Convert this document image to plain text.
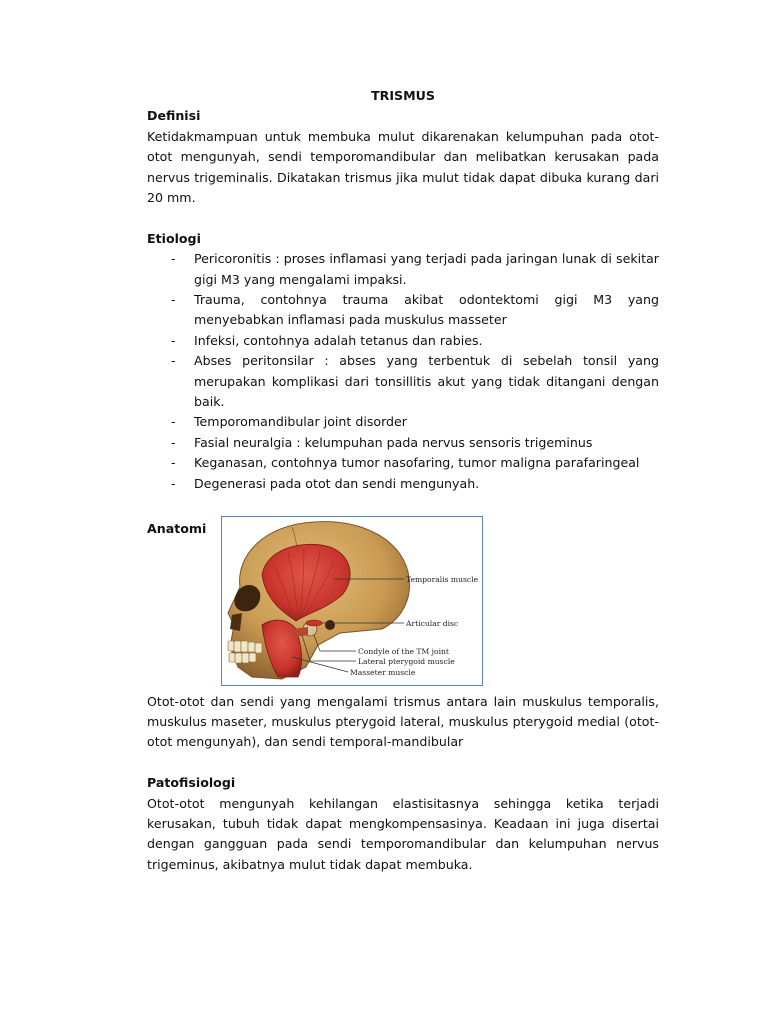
TRISMUS

Definisi

Ketidakmampuan untuk membuka mulut dikarenakan kelumpuhan pada otot-otot mengunyah, sendi temporomandibular dan melibatkan kerusakan pada nervus trigeminalis. Dikatakan trismus jika mulut tidak dapat dibuka kurang dari 20 mm.

Etiologi

- Pericoronitis : proses inflamasi yang terjadi pada jaringan lunak di sekitar gigi M3 yang mengalami impaksi.
- Trauma, contohnya trauma akibat odontektomi gigi M3 yang menyebabkan inflamasi pada muskulus masseter
- Infeksi, contohnya adalah tetanus dan rabies.
- Abses peritonsilar : abses yang terbentuk di sebelah tonsil yang merupakan komplikasi dari tonsillitis akut yang tidak ditangani dengan baik.
- Temporomandibular joint disorder
- Fasial neuralgia : kelumpuhan pada nervus sensoris trigeminus
- Keganasan, contohnya tumor nasofaring, tumor maligna parafaringeal
- Degenerasi pada otot dan sendi mengunyah.

Anatomi

Temporalis muscle
Articular disc
Condyle of the TM joint
Lateral pterygoid muscle
Masseter muscle

Otot-otot dan sendi yang mengalami trismus antara lain muskulus temporalis, muskulus maseter, muskulus pterygoid lateral, muskulus pterygoid medial (otot-otot mengunyah), dan sendi temporal-mandibular

Patofisiologi

Otot-otot mengunyah kehilangan elastisitasnya sehingga ketika terjadi kerusakan, tubuh tidak dapat mengkompensasinya. Keadaan ini juga disertai dengan gangguan pada sendi temporomandibular dan kelumpuhan nervus trigeminus, akibatnya mulut tidak dapat membuka.
